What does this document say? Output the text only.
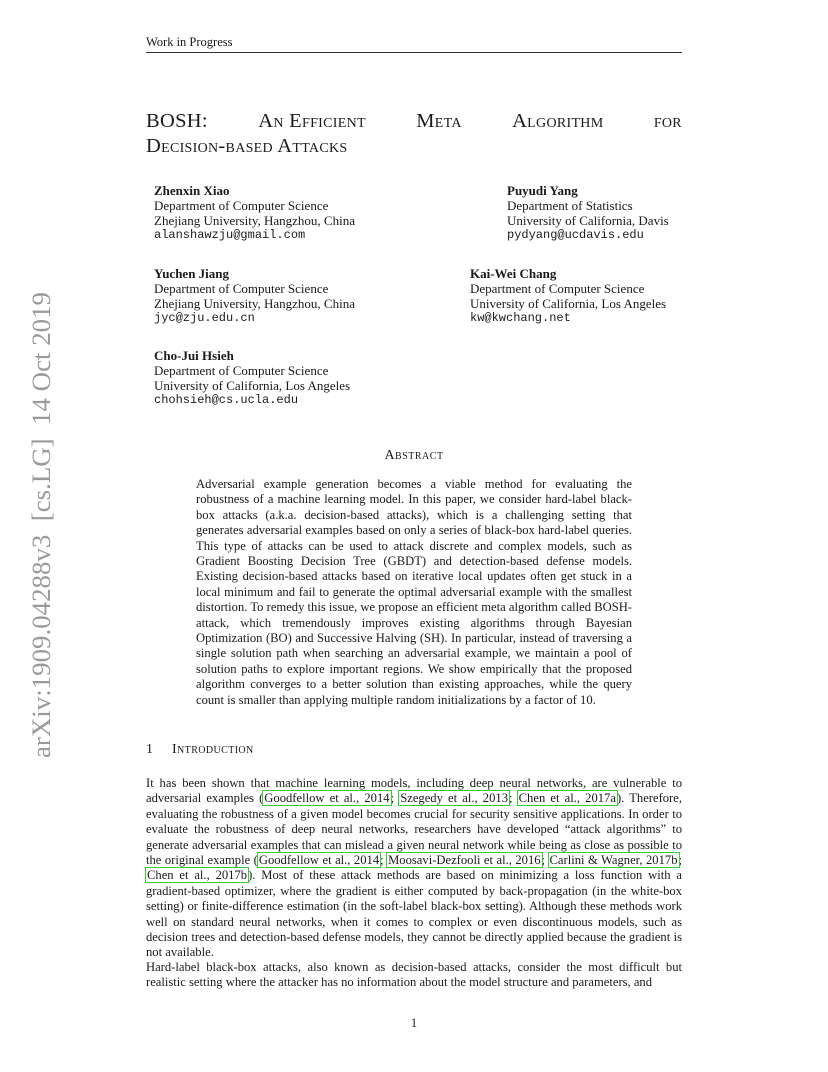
Work in Progress
BOSH: An Efficient Meta Algorithm for
Decision-based Attacks
Zhenxin Xiao
Department of Computer Science
Zhejiang University, Hangzhou, China
alanshawzju@gmail.com
Puyudi Yang
Department of Statistics
University of California, Davis
pydyang@ucdavis.edu
Yuchen Jiang
Department of Computer Science
Zhejiang University, Hangzhou, China
jyc@zju.edu.cn
Kai-Wei Chang
Department of Computer Science
University of California, Los Angeles
kw@kwchang.net
Cho-Jui Hsieh
Department of Computer Science
University of California, Los Angeles
chohsieh@cs.ucla.edu
Abstract
Adversarial example generation becomes a viable method for evaluating the robustness of a machine learning model. In this paper, we consider hard-label black-box attacks (a.k.a. decision-based attacks), which is a challenging setting that generates adversarial examples based on only a series of black-box hard-label queries. This type of attacks can be used to attack discrete and complex models, such as Gradient Boosting Decision Tree (GBDT) and detection-based defense models. Existing decision-based attacks based on iterative local updates often get stuck in a local minimum and fail to generate the optimal adversarial example with the smallest distortion. To remedy this issue, we propose an efficient meta algorithm called BOSH-attack, which tremendously improves existing algorithms through Bayesian Optimization (BO) and Successive Halving (SH). In particular, instead of traversing a single solution path when searching an adversarial example, we maintain a pool of solution paths to explore important regions. We show empirically that the proposed algorithm converges to a better solution than existing approaches, while the query count is smaller than applying multiple random initializations by a factor of 10.
1 Introduction
It has been shown that machine learning models, including deep neural networks, are vulnerable to adversarial examples (Goodfellow et al., 2014; Szegedy et al., 2013; Chen et al., 2017a). Therefore, evaluating the robustness of a given model becomes crucial for security sensitive applications. In order to evaluate the robustness of deep neural networks, researchers have developed “attack algorithms” to generate adversarial examples that can mislead a given neural network while being as close as possible to the original example (Goodfellow et al., 2014; Moosavi-Dezfooli et al., 2016; Carlini & Wagner, 2017b; Chen et al., 2017b). Most of these attack methods are based on minimizing a loss function with a gradient-based optimizer, where the gradient is either computed by back-propagation (in the white-box setting) or finite-difference estimation (in the soft-label black-box setting). Although these methods work well on standard neural networks, when it comes to complex or even discontinuous models, such as decision trees and detection-based defense models, they cannot be directly applied because the gradient is not available.
Hard-label black-box attacks, also known as decision-based attacks, consider the most difficult but realistic setting where the attacker has no information about the model structure and parameters, and
1
arXiv:1909.04288v3  [cs.LG]  14 Oct 2019
